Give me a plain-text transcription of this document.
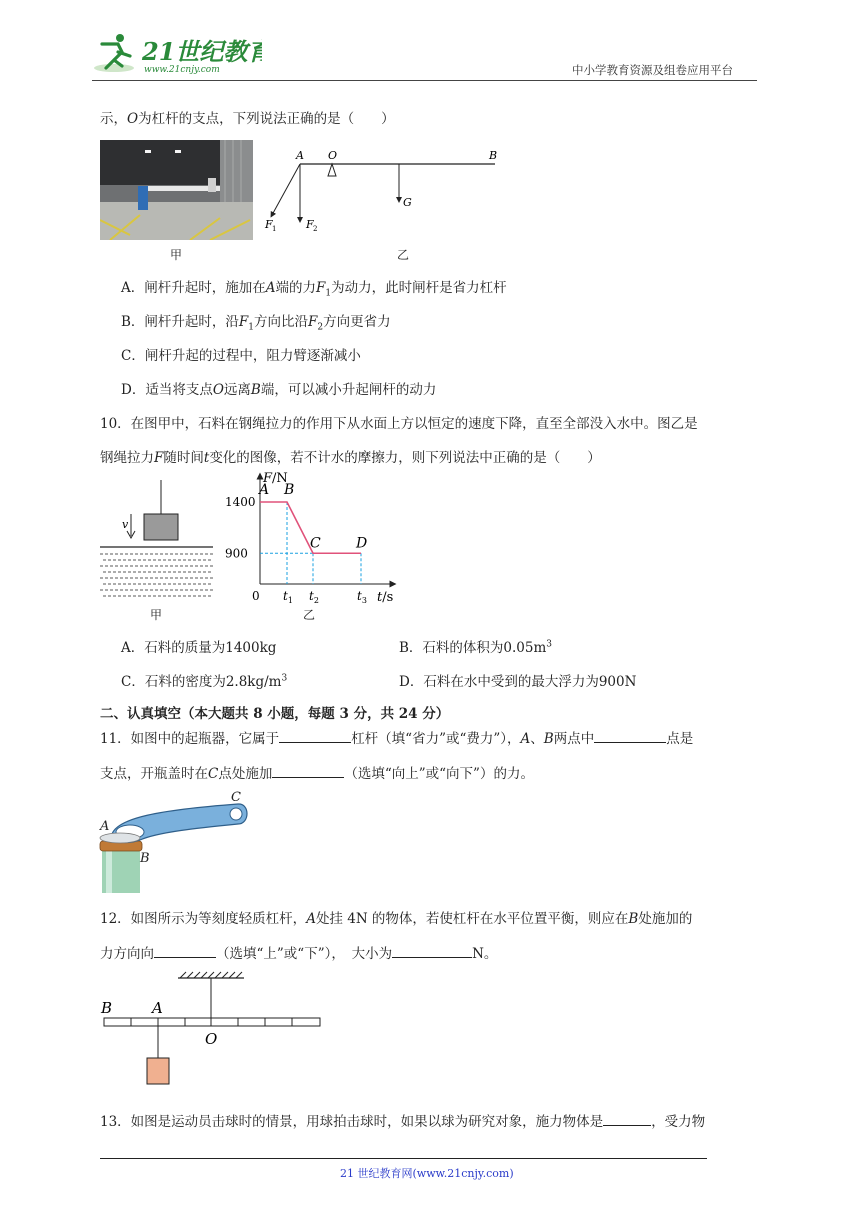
21世纪教育
www.21cnjy.com	中小学教育资源及组卷应用平台
示，O为杠杆的支点，下列说法正确的是（　　）
甲
A O	B
F 1	F 2
G
乙
A．闸杆升起时，施加在A端的力$F_1$为动力，此时闸杆是省力杠杆
B．闸杆升起时，沿$F_1$方向比沿$F_2$方向更省力
C．闸杆升起的过程中，阻力臂逐渐减小
D．适当将支点O远离B端，可以减小升起闸杆的动力
10．在图甲中，石料在钢绳拉力的作用下从水面上方以恒定的速度下降，直至全部没入水中。图乙是
钢绳拉力F随时间t变化的图像，若不计水的摩擦力，则下列说法中正确的是（　　）
v
甲
F/N
t/s
0
1400
900
A B
C	D
$t_1$ $t_2$	$t_3$
乙
A．石料的质量为1400kg	B．石料的体积为$0.05m^3$
C．石料的密度为$2.8kg/m^3$	D．石料在水中受到的最大浮力为900N
二、认真填空（本大题共 8 小题，每题 3 分，共 24 分）
11．如图中的起瓶器，它属于	杠杆（填“省力”或“费力”），A、B两点中	点是
支点，开瓶盖时在C点处施加	（选填“向上”或“向下”）的力。
A
B
C
12．如图所示为等刻度轻质杠杆，A处挂 4N 的物体，若使杠杆在水平位置平衡，则应在B处施加的
力方向向	（选填“上”或“下”），　大小为	N。
B	A
O
13．如图是运动员击球时的情景，用球拍击球时，如果以球为研究对象，施力物体是	，受力物
21 世纪教育网(www.21cnjy.com)
